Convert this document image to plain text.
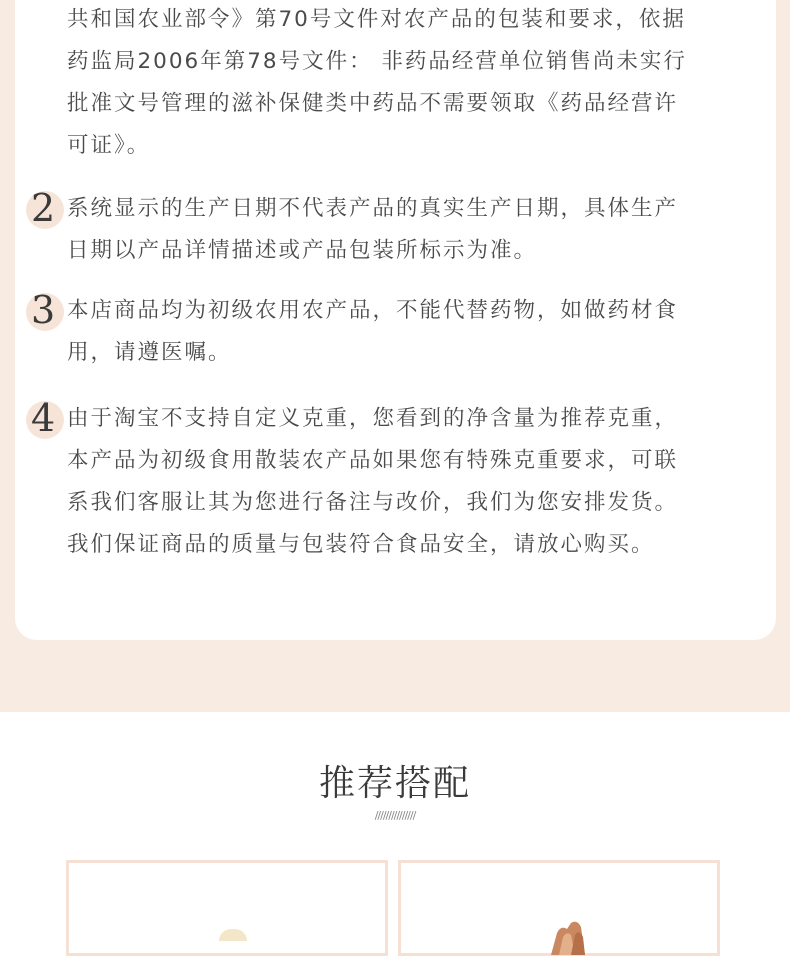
共和国农业部令》第70号文件对农产品的包装和要求，依据
药监局2006年第78号文件： 非药品经营单位销售尚未实行
批准文号管理的滋补保健类中药品不需要领取《药品经营许
可证》。
2 系统显示的生产日期不代表产品的真实生产日期，具体生产
日期以产品详情描述或产品包装所标示为准。
3 本店商品均为初级农用农产品，不能代替药物，如做药材食
用，请遵医嘱。
4 由于淘宝不支持自定义克重，您看到的净含量为推荐克重，
本产品为初级食用散装农产品如果您有特殊克重要求，可联
系我们客服让其为您进行备注与改价，我们为您安排发货。
我们保证商品的质量与包装符合食品安全，请放心购买。
推荐搭配
///////////////
